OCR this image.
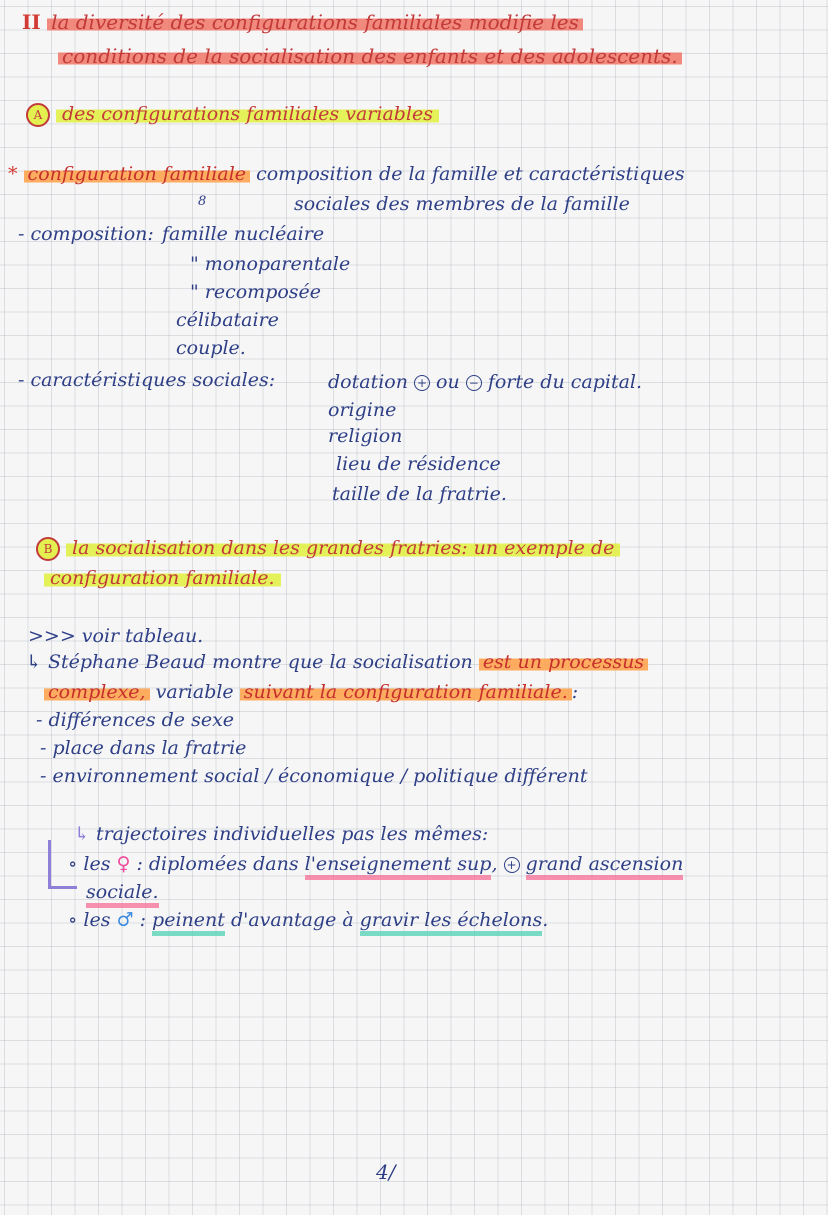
II la diversité des configurations familiales modifie les
conditions de la socialisation des enfants et des adolescents.
A des configurations familiales variables
* configuration familiale composition de la famille et caractéristiques
8	sociales des membres de la famille
- composition: famille nucléaire
" monoparentale
" recomposée
célibataire
couple.
- caractéristiques sociales:	dotation + ou − forte du capital.
origine
religion
lieu de résidence
taille de la fratrie.
B la socialisation dans les grandes fratries: un exemple de
configuration familiale.
>>> voir tableau.
↳ Stéphane Beaud montre que la socialisation est un processus
complexe, variable suivant la configuration familiale. :
- différences de sexe
- place dans la fratrie
- environnement social / économique / politique différent
↳ trajectoires individuelles pas les mêmes:
∘ les ♀ : diplomées dans l'enseignement sup, + grand ascension
sociale.
∘ les ♂ : peinent d'avantage à gravir les échelons.
4/
